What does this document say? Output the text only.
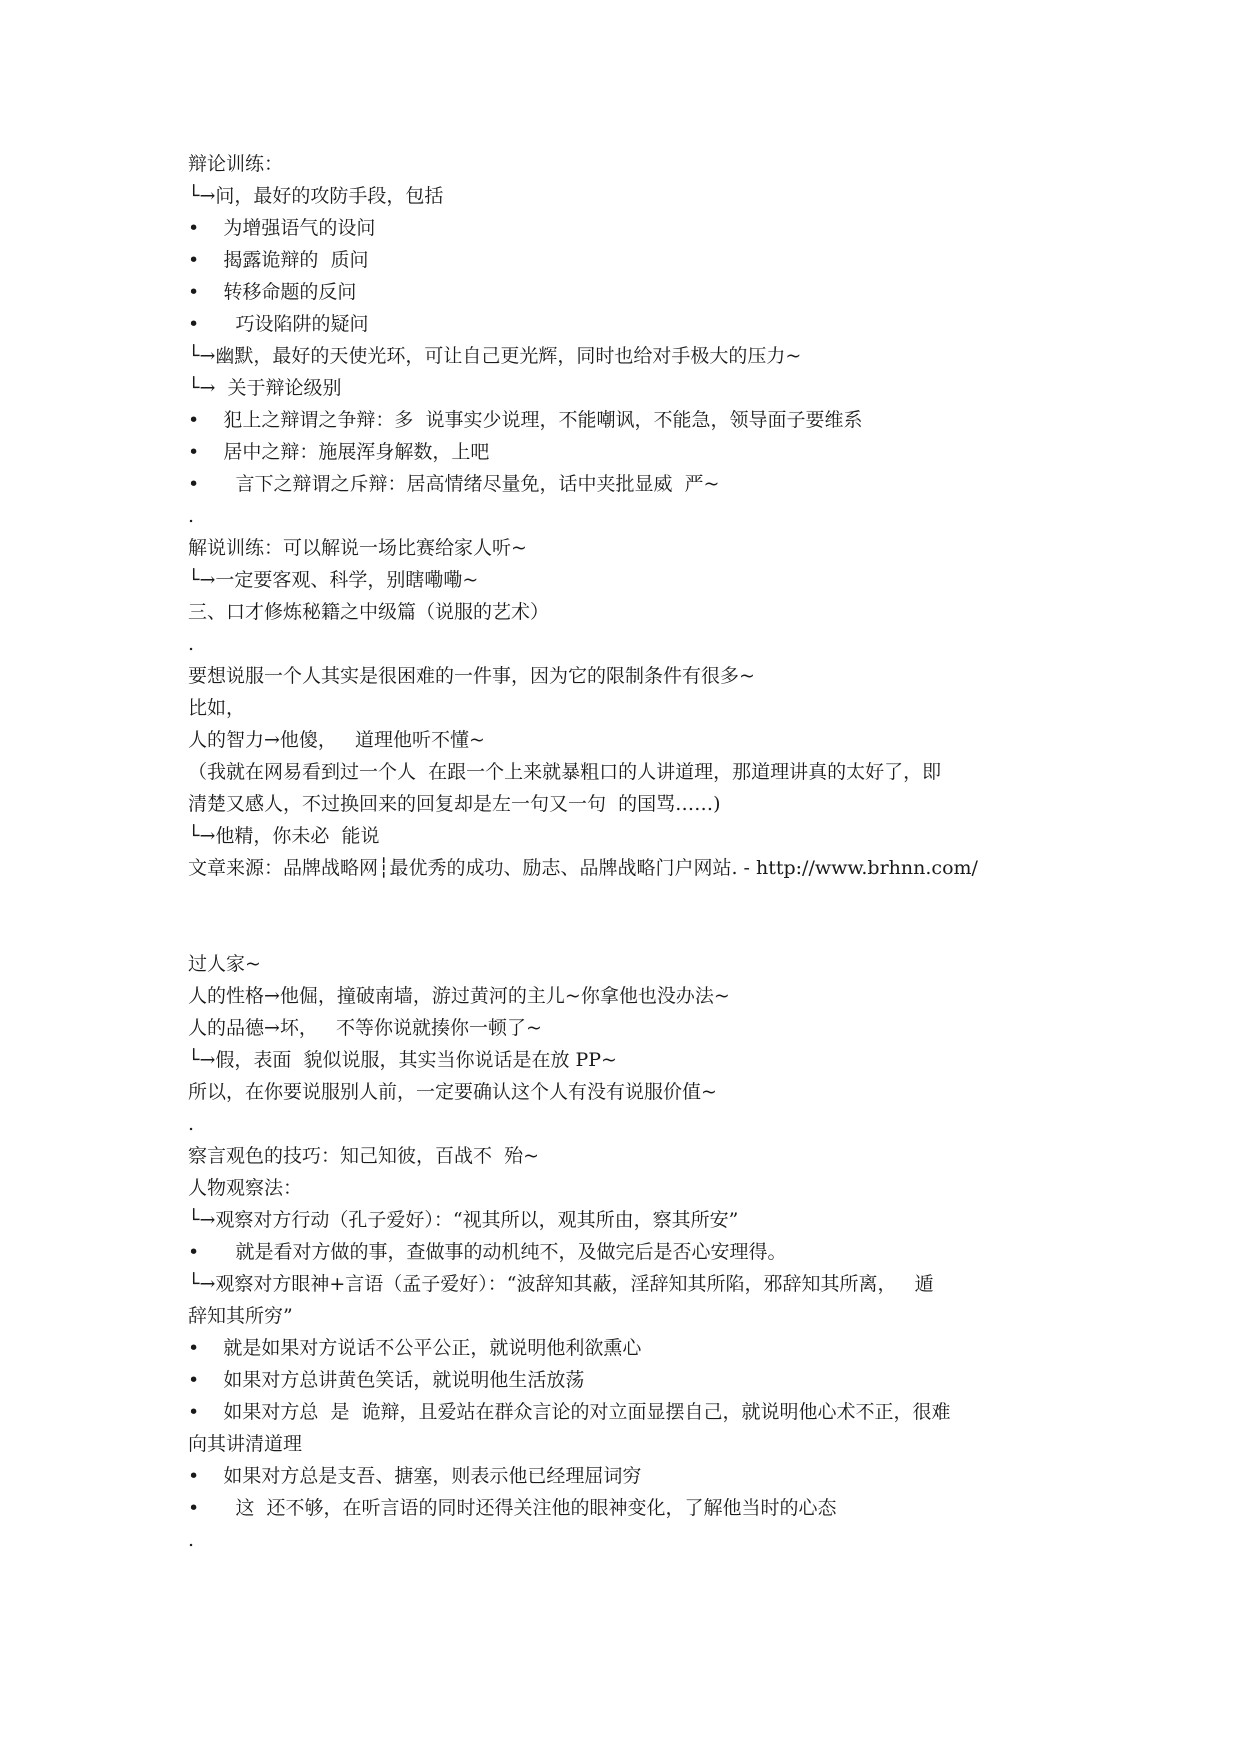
辩论训练：
└→问，最好的攻防手段，包括
•    为增强语气的设问
•    揭露诡辩的  质问
•    转移命题的反问
•      巧设陷阱的疑问
└→幽默，最好的天使光环，可让自己更光辉，同时也给对手极大的压力~
└→  关于辩论级别
•    犯上之辩谓之争辩：多  说事实少说理，不能嘲讽，不能急，领导面子要维系
•    居中之辩：施展浑身解数，上吧
•      言下之辩谓之斥辩：居高情绪尽量免，话中夹批显威  严~
.
解说训练：可以解说一场比赛给家人听~
└→一定要客观、科学，别瞎嘞嘞~
三、口才修炼秘籍之中级篇（说服的艺术）
.
要想说服一个人其实是很困难的一件事，因为它的限制条件有很多~
比如，
人的智力→他傻，   道理他听不懂~
（我就在网易看到过一个人  在跟一个上来就暴粗口的人讲道理，那道理讲真的太好了，即
清楚又感人，不过换回来的回复却是左一句又一句  的国骂……)
└→他精，你未必  能说
文章来源：品牌战略网┆最优秀的成功、励志、品牌战略门户网站. - http://www.brhnn.com/
过人家~
人的性格→他倔，撞破南墙，游过黄河的主儿~你拿他也没办法~
人的品德→坏，   不等你说就揍你一顿了~
└→假，表面  貌似说服，其实当你说话是在放 PP~
所以，在你要说服别人前，一定要确认这个人有没有说服价值~
.
察言观色的技巧：知己知彼，百战不  殆~
人物观察法：
└→观察对方行动（孔子爱好）：“视其所以，观其所由，察其所安”
•      就是看对方做的事，查做事的动机纯不，及做完后是否心安理得。
└→观察对方眼神+言语（孟子爱好）：“波辞知其蔽，淫辞知其所陷，邪辞知其所离，   遁
辞知其所穷”
•    就是如果对方说话不公平公正，就说明他利欲熏心
•    如果对方总讲黄色笑话，就说明他生活放荡
•    如果对方总  是  诡辩，且爱站在群众言论的对立面显摆自己，就说明他心术不正，很难
向其讲清道理
•    如果对方总是支吾、搪塞，则表示他已经理屈词穷
•      这  还不够，在听言语的同时还得关注他的眼神变化，了解他当时的心态
.
